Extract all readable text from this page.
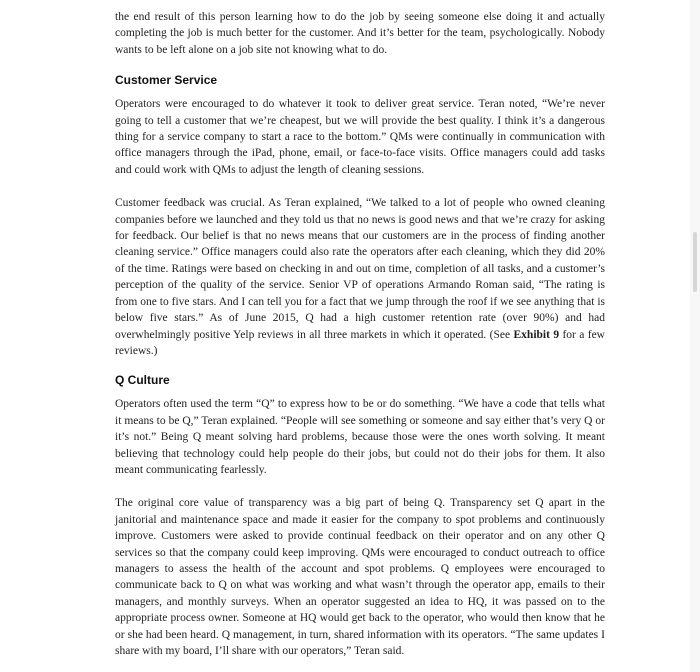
the end result of this person learning how to do the job by seeing someone else doing it and actually completing the job is much better for the customer. And it’s better for the team, psychologically. Nobody wants to be left alone on a job site not knowing what to do.

Customer Service

Operators were encouraged to do whatever it took to deliver great service. Teran noted, “We’re never going to tell a customer that we’re cheapest, but we will provide the best quality. I think it’s a dangerous thing for a service company to start a race to the bottom.” QMs were continually in communication with office managers through the iPad, phone, email, or face-to-face visits. Office managers could add tasks and could work with QMs to adjust the length of cleaning sessions.

Customer feedback was crucial. As Teran explained, “We talked to a lot of people who owned cleaning companies before we launched and they told us that no news is good news and that we’re crazy for asking for feedback. Our belief is that no news means that our customers are in the process of finding another cleaning service.” Office managers could also rate the operators after each cleaning, which they did 20% of the time. Ratings were based on checking in and out on time, completion of all tasks, and a customer’s perception of the quality of the service. Senior VP of operations Armando Roman said, “The rating is from one to five stars. And I can tell you for a fact that we jump through the roof if we see anything that is below five stars.” As of June 2015, Q had a high customer retention rate (over 90%) and had overwhelmingly positive Yelp reviews in all three markets in which it operated. (See Exhibit 9 for a few reviews.)

Q Culture

Operators often used the term “Q” to express how to be or do something. “We have a code that tells what it means to be Q,” Teran explained. “People will see something or someone and say either that’s very Q or it’s not.” Being Q meant solving hard problems, because those were the ones worth solving. It meant believing that technology could help people do their jobs, but could not do their jobs for them. It also meant communicating fearlessly.

The original core value of transparency was a big part of being Q. Transparency set Q apart in the janitorial and maintenance space and made it easier for the company to spot problems and continuously improve. Customers were asked to provide continual feedback on their operator and on any other Q services so that the company could keep improving. QMs were encouraged to conduct outreach to office managers to assess the health of the account and spot problems. Q employees were encouraged to communicate back to Q on what was working and what wasn’t through the operator app, emails to their managers, and monthly surveys. When an operator suggested an idea to HQ, it was passed on to the appropriate process owner. Someone at HQ would get back to the operator, who would then know that he or she had been heard. Q management, in turn, shared information with its operators. “The same updates I share with my board, I’ll share with our operators,” Teran said.
